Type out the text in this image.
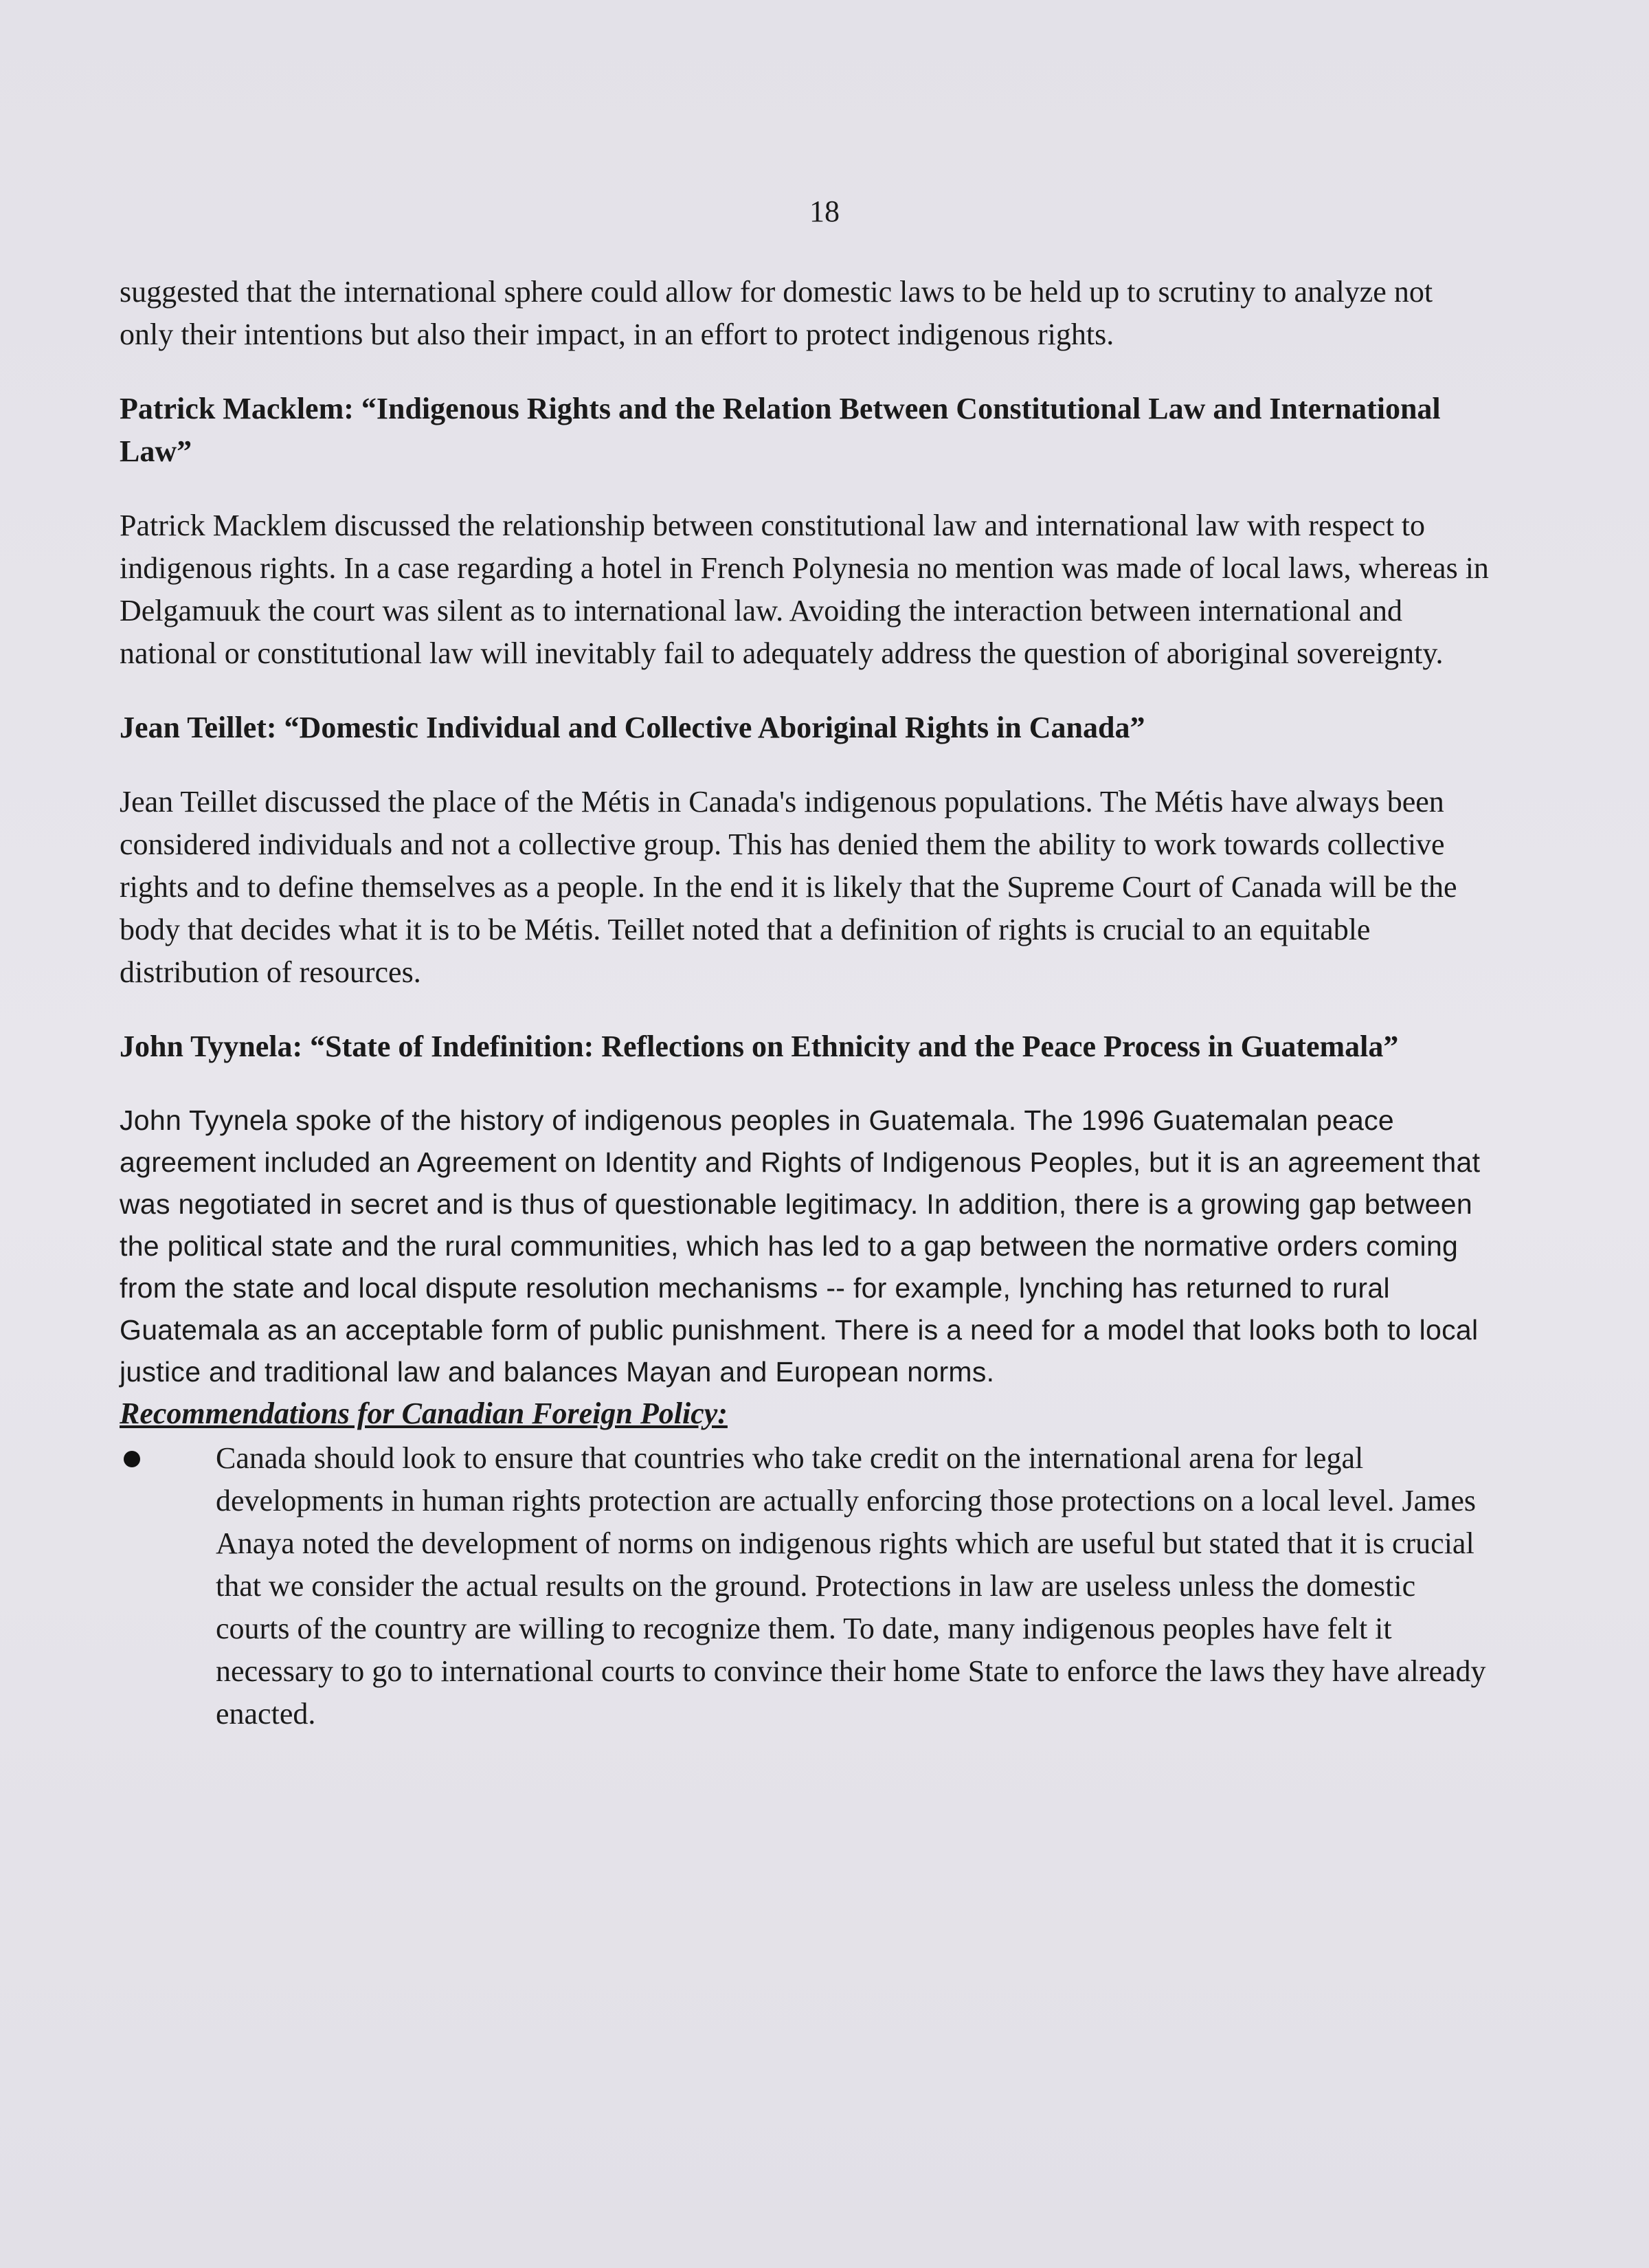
18

suggested that the international sphere could allow for domestic laws to be held up to scrutiny to analyze not only their intentions but also their impact, in an effort to protect indigenous rights.

Patrick Macklem: “Indigenous Rights and the Relation Between Constitutional Law and International Law”

Patrick Macklem discussed the relationship between constitutional law and international law with respect to indigenous rights. In a case regarding a hotel in French Polynesia no mention was made of local laws, whereas in Delgamuuk the court was silent as to international law. Avoiding the interaction between international and national or constitutional law will inevitably fail to adequately address the question of aboriginal sovereignty.

Jean Teillet: “Domestic Individual and Collective Aboriginal Rights in Canada”

Jean Teillet discussed the place of the Métis in Canada's indigenous populations. The Métis have always been considered individuals and not a collective group. This has denied them the ability to work towards collective rights and to define themselves as a people. In the end it is likely that the Supreme Court of Canada will be the body that decides what it is to be Métis. Teillet noted that a definition of rights is crucial to an equitable distribution of resources.

John Tyynela: “State of Indefinition: Reflections on Ethnicity and the Peace Process in Guatemala”

John Tyynela spoke of the history of indigenous peoples in Guatemala. The 1996 Guatemalan peace agreement included an Agreement on Identity and Rights of Indigenous Peoples, but it is an agreement that was negotiated in secret and is thus of questionable legitimacy. In addition, there is a growing gap between the political state and the rural communities, which has led to a gap between the normative orders coming from the state and local dispute resolution mechanisms -- for example, lynching has returned to rural Guatemala as an acceptable form of public punishment. There is a need for a model that looks both to local justice and traditional law and balances Mayan and European norms.

Recommendations for Canadian Foreign Policy:

Canada should look to ensure that countries who take credit on the international arena for legal developments in human rights protection are actually enforcing those protections on a local level. James Anaya noted the development of norms on indigenous rights which are useful but stated that it is crucial that we consider the actual results on the ground. Protections in law are useless unless the domestic courts of the country are willing to recognize them. To date, many indigenous peoples have felt it necessary to go to international courts to convince their home State to enforce the laws they have already enacted.
